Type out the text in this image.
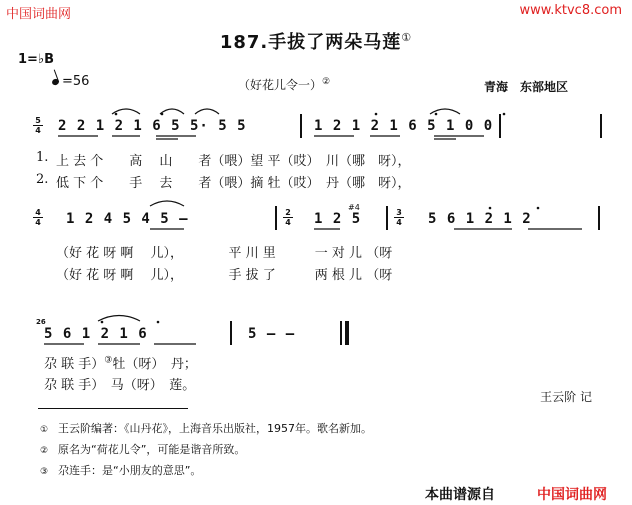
中国词曲网	www.ktvc8.com
187.手拔了两朵马莲①
1=♭B
=56	（好花儿令一）②	青海　东部地区
5
4 2 2 1 2 1 6 5 5· 5 5	1 2 1 2 1 6 5 1 0 0
1. 上 去 个　　高　 山　　者（喂）望 平（哎）　川（哪　呀），
2. 低 下 个　　手　 去　　者（喂）摘 牡（哎）　丹（哪　呀），
4
4 1 2 4 5 4 5 –	2
4 1 2 5
#4
3
4 5 6 1 2 1 2
（好 花 呀 啊　 儿），　　　　平 川 里　　　一 对 儿 （呀
（好 花 呀 啊　 儿），　　　　手 拔 了　　　两 根 儿 （呀
26
5 6 1 2 1 6	5 – –
尕 联 手）③牡（呀）　丹；
尕 联 手）　马（呀）　莲。
王云阶 记
① 王云阶编著：《山丹花》，上海音乐出版社，1957年。歌名新加。
② 原名为“荷花儿令”，可能是谐音所致。
③ 尕连手：是“小朋友的意思”。
本曲谱源自	中国词曲网
